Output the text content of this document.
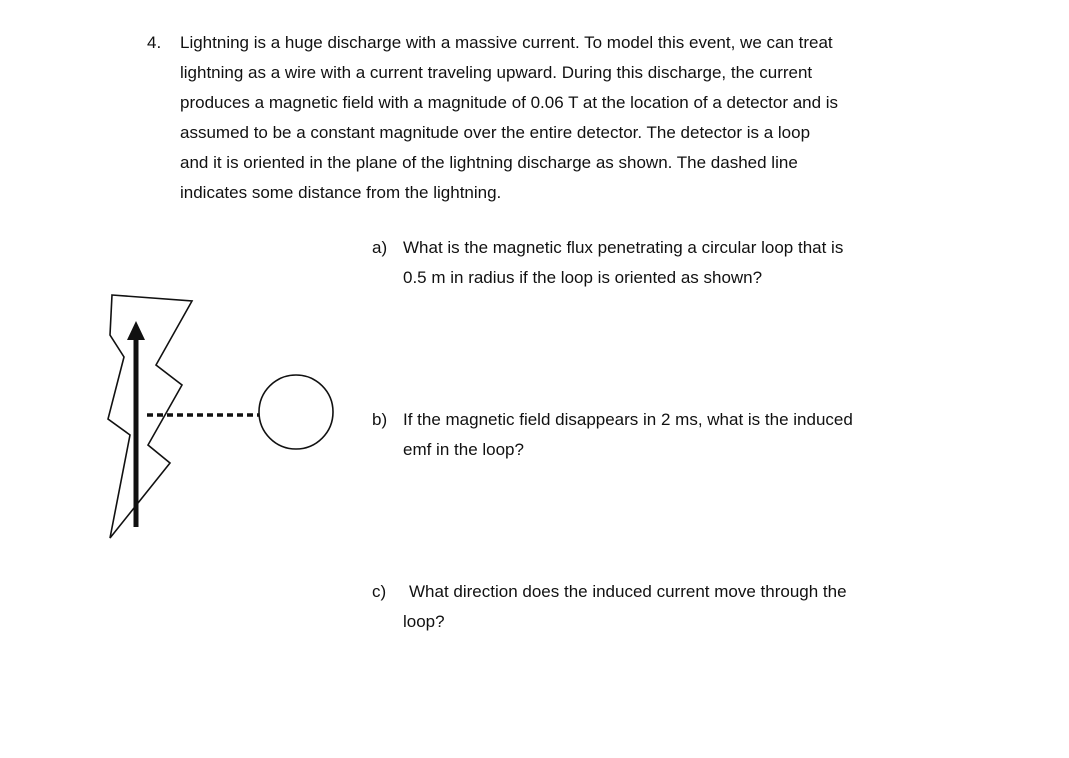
4. Lightning is a huge discharge with a massive current. To model this event, we can treat
lightning as a wire with a current traveling upward. During this discharge, the current
produces a magnetic field with a magnitude of 0.06 T at the location of a detector and is
assumed to be a constant magnitude over the entire detector. The detector is a loop
and it is oriented in the plane of the lightning discharge as shown. The dashed line
indicates some distance from the lightning.
a) What is the magnetic flux penetrating a circular loop that is
0.5 m in radius if the loop is oriented as shown?
b) If the magnetic field disappears in 2 ms, what is the induced
emf in the loop?
c)	What direction does the induced current move through the
loop?
